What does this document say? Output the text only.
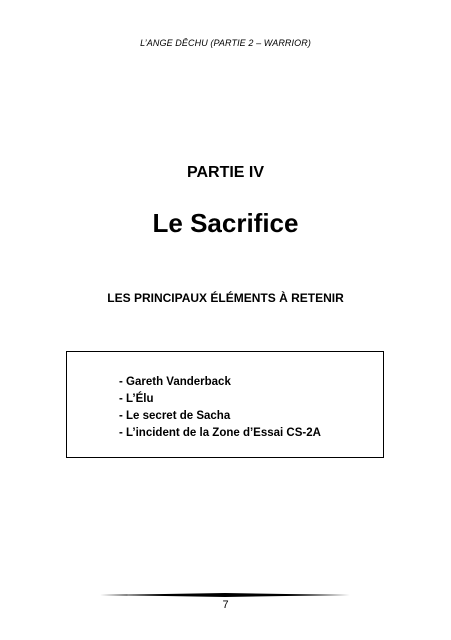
L’ANGE DÊCHU (PARTIE 2 – WARRIOR)
PARTIE IV
Le Sacrifice
LES PRINCIPAUX ÉLÉMENTS À RETENIR
- Gareth Vanderback
- L’Élu
- Le secret de Sacha
- L’incident de la Zone d’Essai CS-2A
7
